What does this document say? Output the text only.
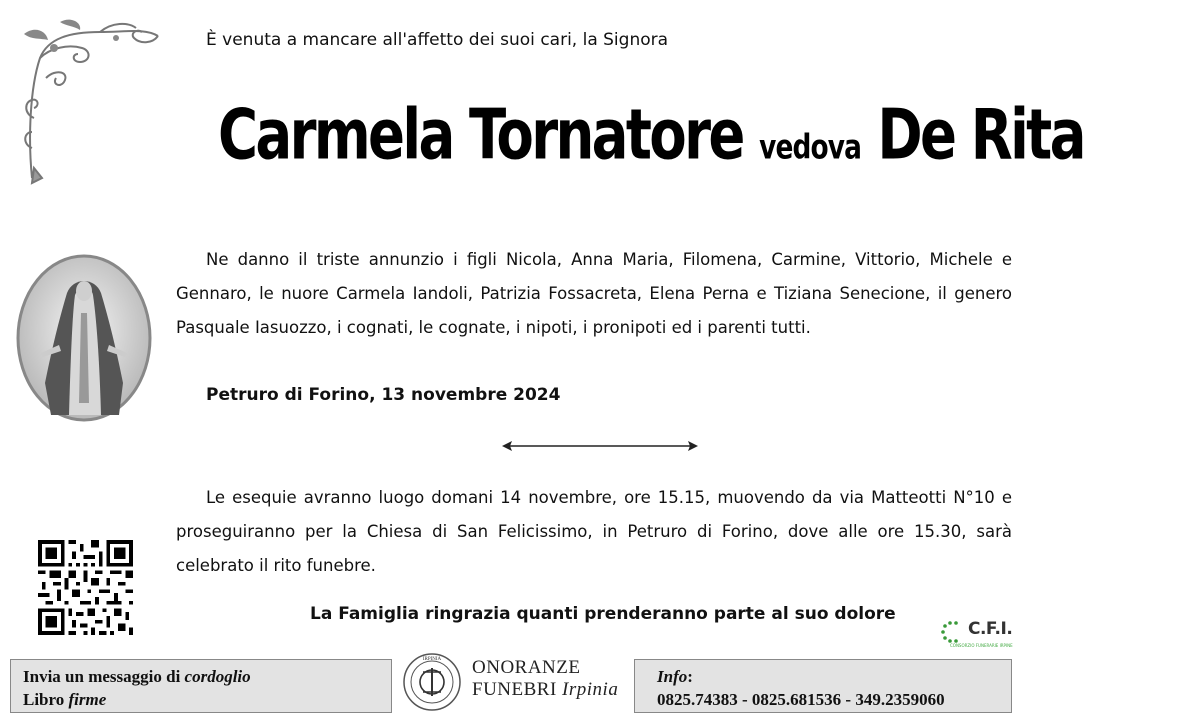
È venuta a mancare all'affetto dei suoi cari, la Signora
Carmela Tornatore vedova De Rita
Ne danno il triste annunzio i figli Nicola, Anna Maria, Filomena, Carmine, Vittorio, Michele e Gennaro, le nuore Carmela Iandoli, Patrizia Fossacreta, Elena Perna e Tiziana Senecione, il genero Pasquale Iasuozzo, i cognati, le cognate, i nipoti, i pronipoti ed i parenti tutti.
Petruro di Forino, 13 novembre 2024
Le esequie avranno luogo domani 14 novembre, ore 15.15, muovendo da via Matteotti N°10 e proseguiranno per la Chiesa di San Felicissimo, in Petruro di Forino, dove alle ore 15.30, sarà celebrato il rito funebre.
La Famiglia ringrazia quanti prenderanno parte al suo dolore
C.F.I.
CONSORZIO FUNERARIE IRPINE
Invia un messaggio di cordoglio
Libro firme
IRPINIA ONORANZE
FUNEBRI Irpinia
Info:
0825.74383 - 0825.681536 - 349.2359060
